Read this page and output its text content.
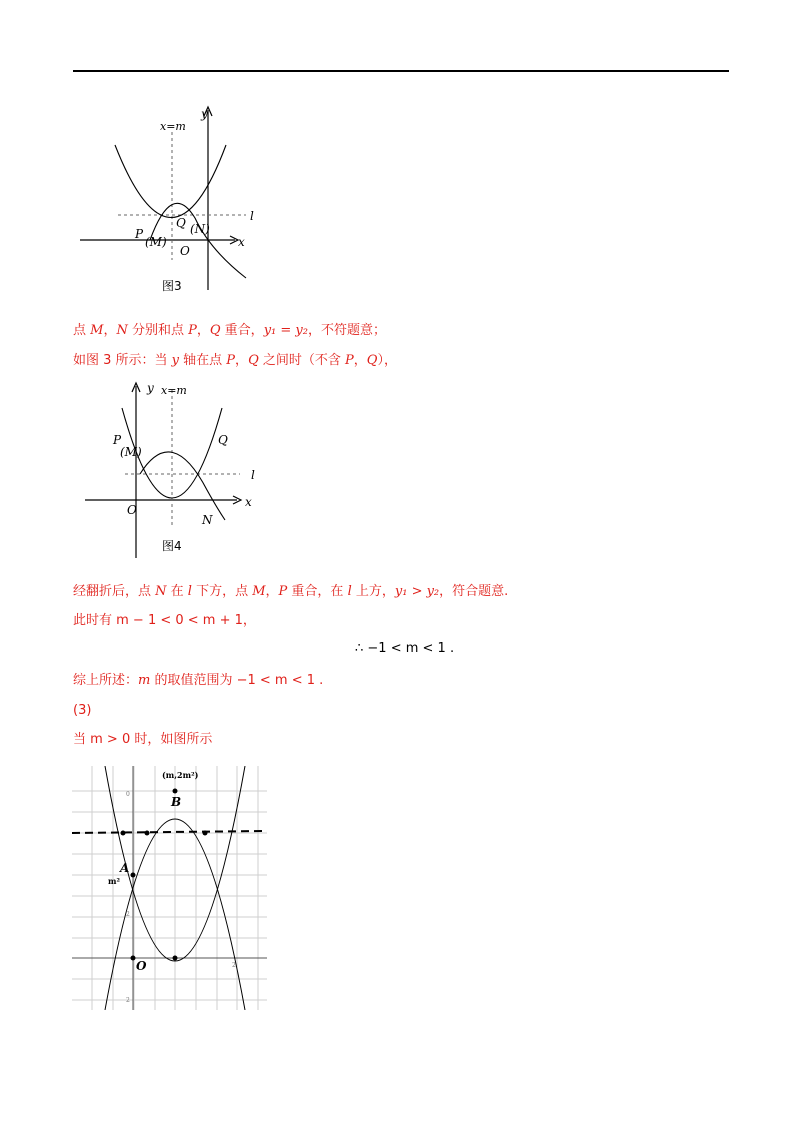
y
x=m
l
Q (N)
x
P
(M)
O
图3
点 M，N 分别和点 P，Q 重合，y₁ = y₂，不符题意；
如图 3 所示：当 y 轴在点 P，Q 之间时（不含 P，Q），
y x=m
P
(M)
Q
l
O
x
N
图4
经翻折后，点 N 在 l 下方，点 M，P 重合，在 l 上方，y₁ > y₂，符合题意.
此时有 m − 1 < 0 < m + 1，
∴ −1 < m < 1 .
综上所述：m 的取值范围为 −1 < m < 1 .
(3)
当 m > 0 时，如图所示
(m,2m²)
B
A
m²
O
0
2
2
2
